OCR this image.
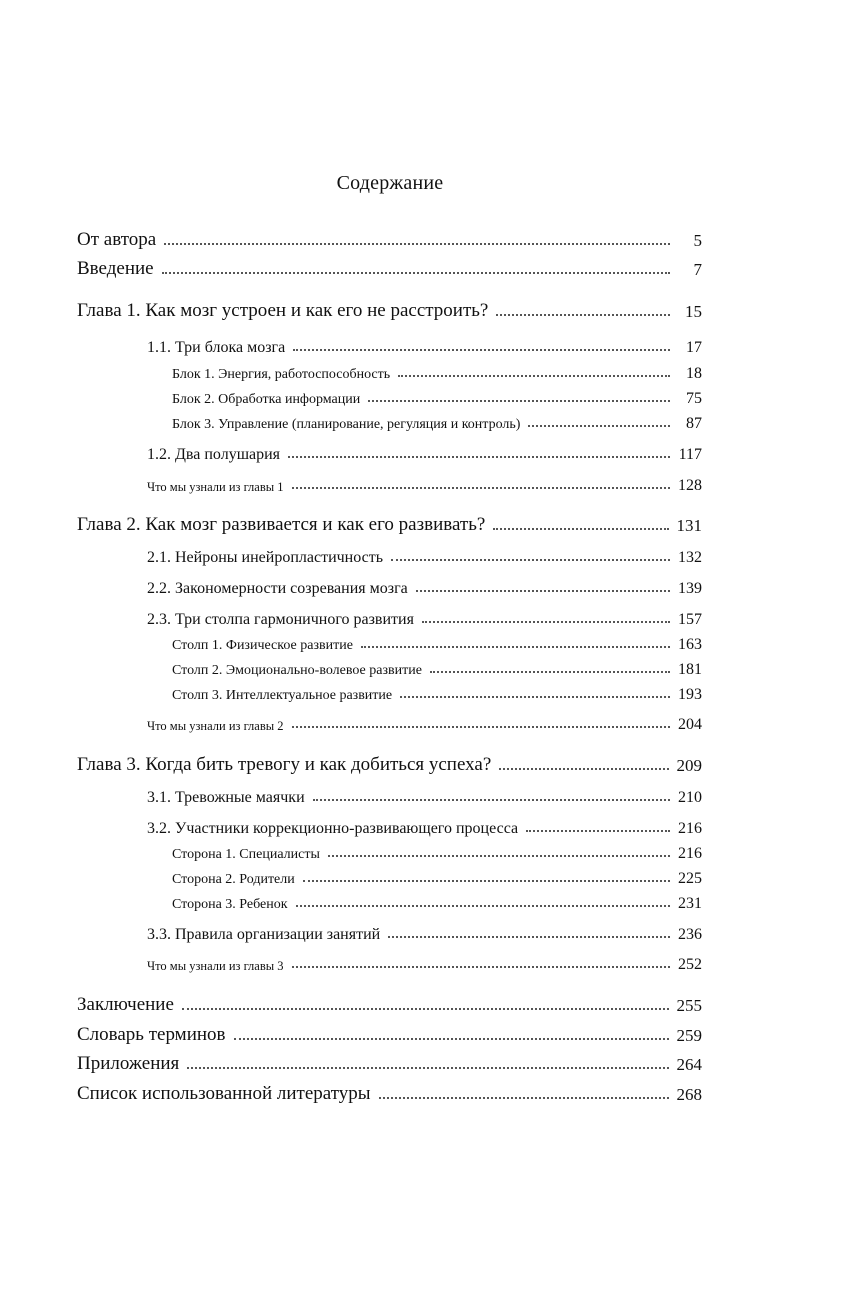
Содержание
От автора	5
Введение	7
Глава 1. Как мозг устроен и как его не расстроить?	15
1.1. Три блока мозга	17
Блок 1. Энергия, работоспособность	18
Блок 2. Обработка информации	75
Блок 3. Управление (планирование, регуляция и контроль)	87
1.2. Два полушария	117
Что мы узнали из главы 1	128
Глава 2. Как мозг развивается и как его развивать?	131
2.1. Нейроны инейропластичность	132
2.2. Закономерности созревания мозга	139
2.3. Три столпа гармоничного развития	157
Столп 1. Физическое развитие	163
Столп 2. Эмоционально-волевое развитие	181
Столп 3. Интеллектуальное развитие	193
Что мы узнали из главы 2	204
Глава 3. Когда бить тревогу и как добиться успеха?	209
3.1. Тревожные маячки	210
3.2. Участники коррекционно-развивающего процесса	216
Сторона 1. Специалисты	216
Сторона 2. Родители	225
Сторона 3. Ребенок	231
3.3. Правила организации занятий	236
Что мы узнали из главы 3	252
Заключение	255
Словарь терминов	259
Приложения	264
Список использованной литературы	268
